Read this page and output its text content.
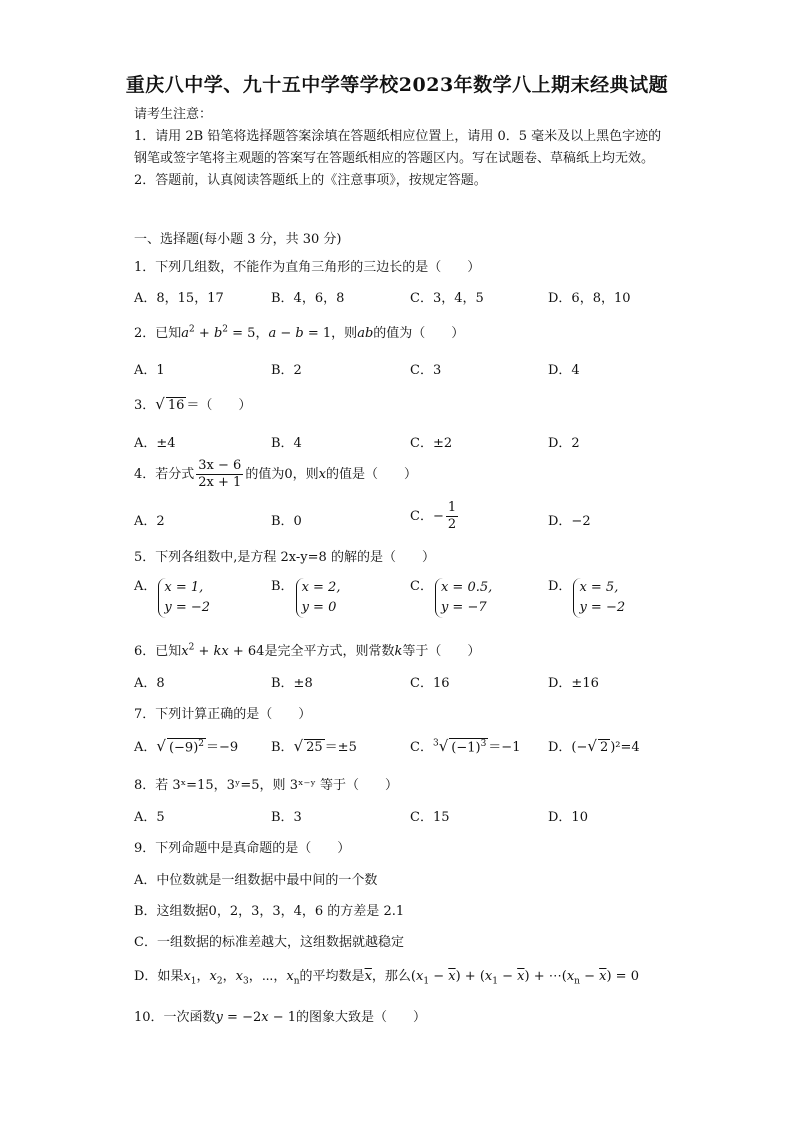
重庆八中学、九十五中学等学校2023年数学八上期末经典试题

请考生注意：

1．请用 2B 铅笔将选择题答案涂填在答题纸相应位置上，请用 0．5 毫米及以上黑色字迹的钢笔或签字笔将主观题的答案写在答题纸相应的答题区内。写在试题卷、草稿纸上均无效。

2．答题前，认真阅读答题纸上的《注意事项》，按规定答题。

一、选择题(每小题 3 分，共 30 分)
1．下列几组数，不能作为直角三角形的三边长的是（　　）
A．8，15，17	B．4，6，8	C．3，4，5	D．6，8，10
2．已知$a^2 + b^2 = 5$，a − b = 1，则ab的值为（　　）
A．1	B．2	C．3	D．4
3．√ 16 ＝（　　）
A．±4	B．4	C．±2	D．2
4．若分式 $\frac{3x - 6}{2x + 1}$ 的值为0，则x的值是（　　）
A．2	B．0	C．− $\frac{1}{2}$	D．−2
5．下列各组数中,是方程 2x-y=8 的解的是（　　）
A． x = 1,
y = −2
B． x = 2,
y = 0
C． x = 0.5,
y = −7
D． x = 5,
y = −2
6．已知$x^2$ + kx + 64是完全平方式，则常数k等于（　　）
A．8	B．±8	C．16	D．±16
7．下列计算正确的是（　　）
A．√ $(-9)^2 =-9$	B．√ 25 ＝±5	C．$^3$√ $(-1)^3 =-1$ D．(−√ 2 )²=4
8．若 3ˣ=15，3ʸ=5，则 3ˣ⁻ʸ 等于（　　）
A．5	B．3	C．15	D．10
9．下列命题中是真命题的是（　　）
A．中位数就是一组数据中最中间的一个数
B．这组数据0，2，3，3，4，6 的方差是 2.1
C．一组数据的标准差越大，这组数据就越稳定
D．如果$x_1$，$x_2$，$x_3$，⋯，$x_n$的平均数是$\overline{x}$，那么$(x_1 - \overline{x}) + (x_1 - \overline{x})$ + $\cdots(x_n - \overline{x}) = 0$
10．一次函数y = −2x − 1的图象大致是（　　）
